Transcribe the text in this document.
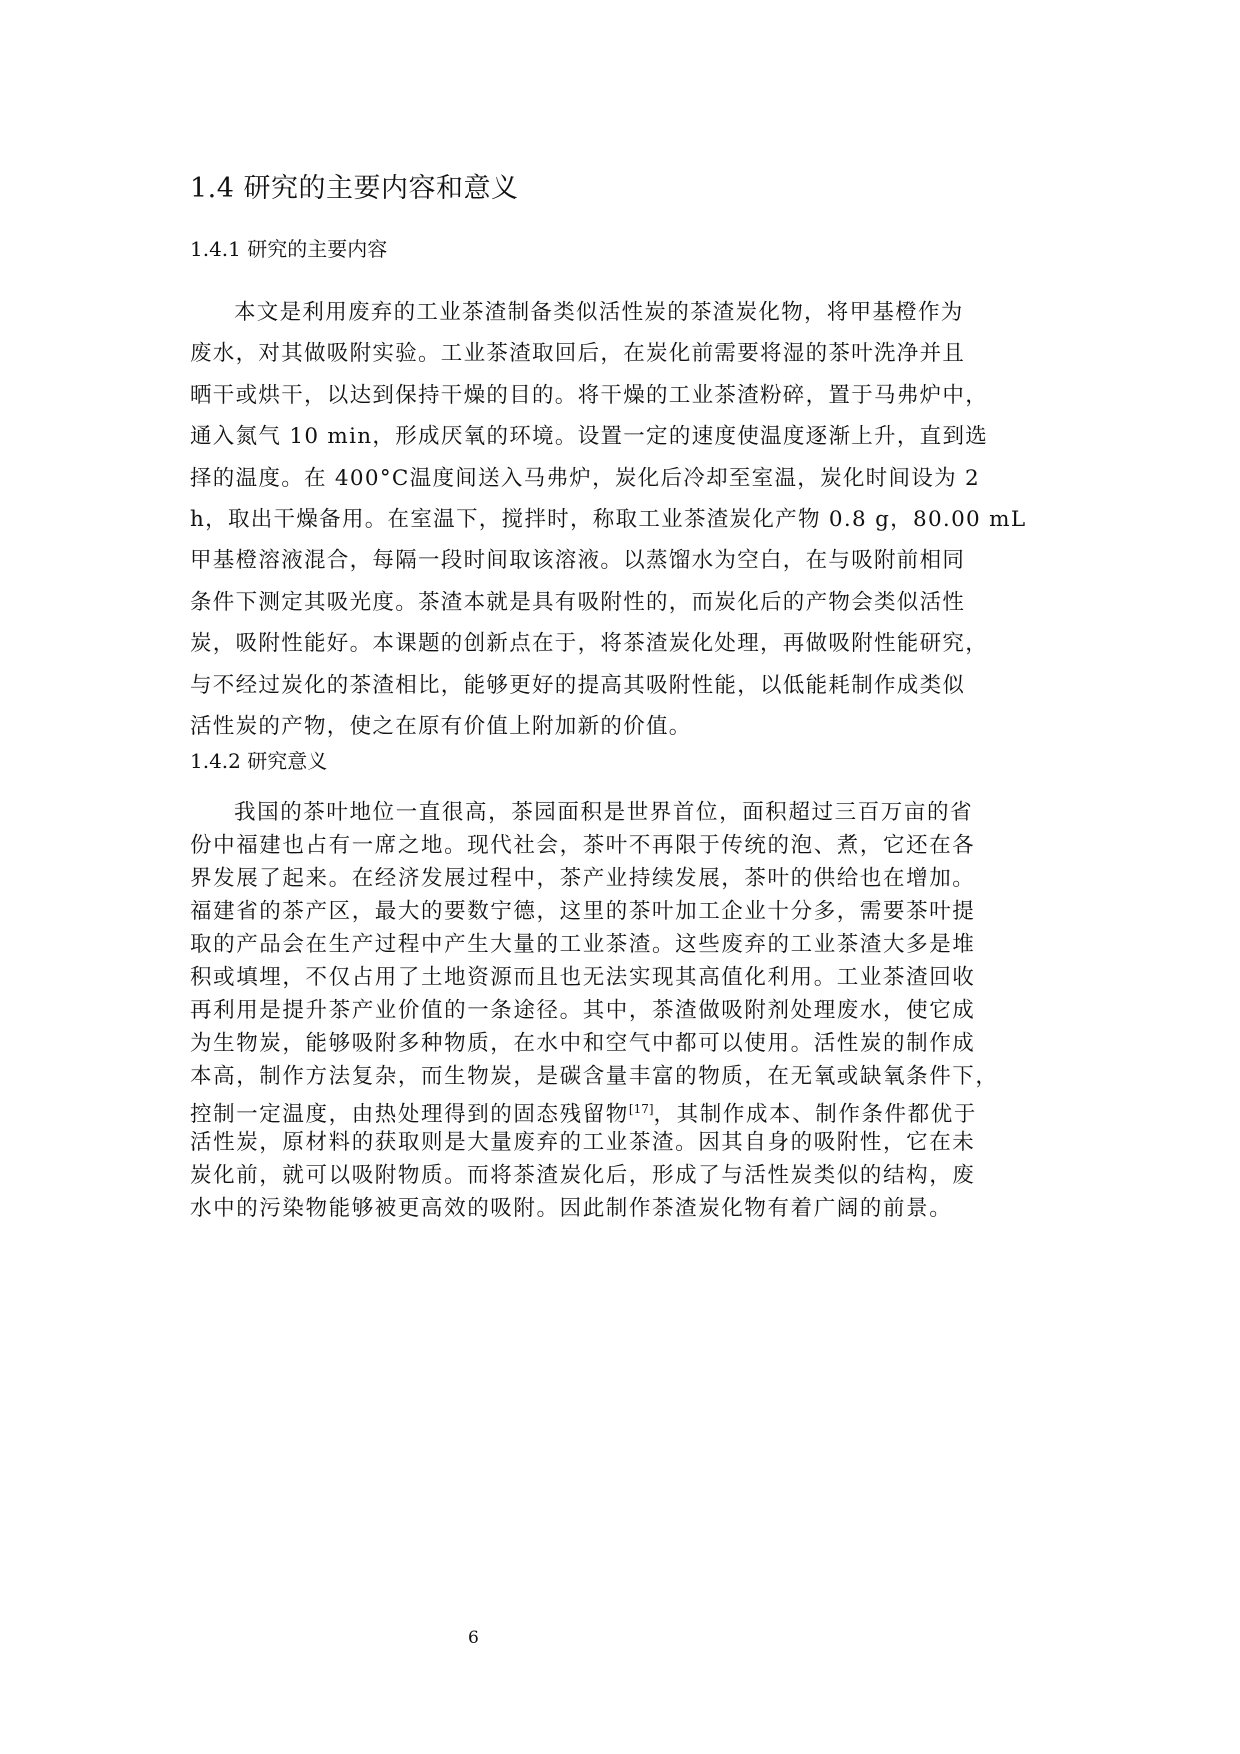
1.4 研究的主要内容和意义
1.4.1 研究的主要内容
本文是利用废弃的工业茶渣制备类似活性炭的茶渣炭化物，将甲基橙作为
废水，对其做吸附实验。工业茶渣取回后，在炭化前需要将湿的茶叶洗净并且
晒干或烘干，以达到保持干燥的目的。将干燥的工业茶渣粉碎，置于马弗炉中，
通入氮气 10 min，形成厌氧的环境。设置一定的速度使温度逐渐上升，直到选
择的温度。在 400°C温度间送入马弗炉，炭化后冷却至室温，炭化时间设为 2
h，取出干燥备用。在室温下，搅拌时，称取工业茶渣炭化产物 0.8 g，80.00 mL
甲基橙溶液混合，每隔一段时间取该溶液。以蒸馏水为空白，在与吸附前相同
条件下测定其吸光度。茶渣本就是具有吸附性的，而炭化后的产物会类似活性
炭，吸附性能好。本课题的创新点在于，将茶渣炭化处理，再做吸附性能研究，
与不经过炭化的茶渣相比，能够更好的提高其吸附性能，以低能耗制作成类似
活性炭的产物，使之在原有价值上附加新的价值。
1.4.2 研究意义
我国的茶叶地位一直很高，茶园面积是世界首位，面积超过三百万亩的省
份中福建也占有一席之地。现代社会，茶叶不再限于传统的泡、煮，它还在各
界发展了起来。在经济发展过程中，茶产业持续发展，茶叶的供给也在增加。
福建省的茶产区，最大的要数宁德，这里的茶叶加工企业十分多，需要茶叶提
取的产品会在生产过程中产生大量的工业茶渣。这些废弃的工业茶渣大多是堆
积或填埋，不仅占用了土地资源而且也无法实现其高值化利用。工业茶渣回收
再利用是提升茶产业价值的一条途径。其中，茶渣做吸附剂处理废水，使它成
为生物炭，能够吸附多种物质，在水中和空气中都可以使用。活性炭的制作成
本高，制作方法复杂，而生物炭，是碳含量丰富的物质，在无氧或缺氧条件下，
控制一定温度，由热处理得到的固态残留物[17]，其制作成本、制作条件都优于
活性炭，原材料的获取则是大量废弃的工业茶渣。因其自身的吸附性，它在未
炭化前，就可以吸附物质。而将茶渣炭化后，形成了与活性炭类似的结构，废
水中的污染物能够被更高效的吸附。因此制作茶渣炭化物有着广阔的前景。
6
